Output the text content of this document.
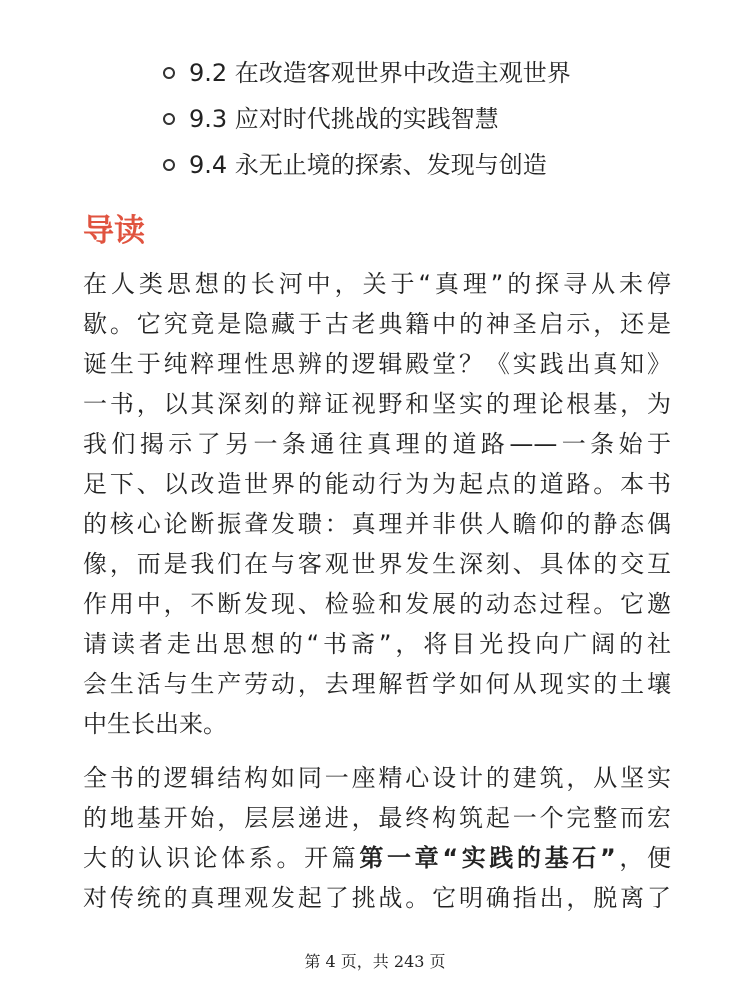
9.2 在改造客观世界中改造主观世界
9.3 应对时代挑战的实践智慧
9.4 永无止境的探索、发现与创造
导读
在人类思想的长河中，关于“真理”的探寻从未停
歇。它究竟是隐藏于古老典籍中的神圣启示，还是
诞生于纯粹理性思辨的逻辑殿堂？《实践出真知》
一书，以其深刻的辩证视野和坚实的理论根基，为
我们揭示了另一条通往真理的道路——一条始于
足下、以改造世界的能动行为为起点的道路。本书
的核心论断振聋发聩：真理并非供人瞻仰的静态偶
像，而是我们在与客观世界发生深刻、具体的交互
作用中，不断发现、检验和发展的动态过程。它邀
请读者走出思想的“书斋”，将目光投向广阔的社
会生活与生产劳动，去理解哲学如何从现实的土壤
中生长出来。
全书的逻辑结构如同一座精心设计的建筑，从坚实
的地基开始，层层递进，最终构筑起一个完整而宏
大的认识论体系。开篇第一章“实践的基石”，便
对传统的真理观发起了挑战。它明确指出，脱离了
第 4 页，共 243 页
